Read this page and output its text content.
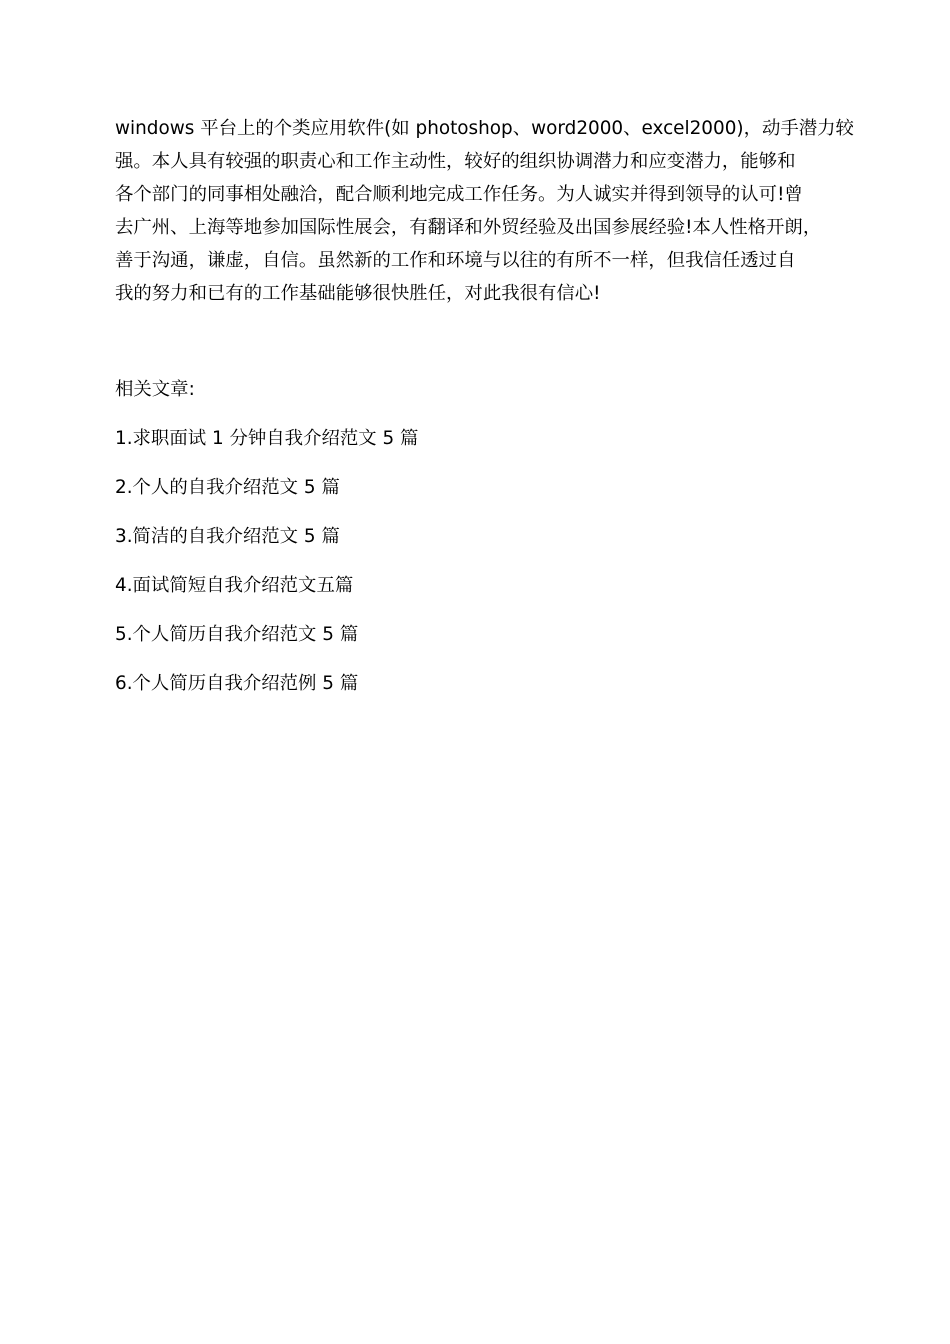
windows 平台上的个类应用软件(如 photoshop、word2000、excel2000)，动手潜力较
强。本人具有较强的职责心和工作主动性，较好的组织协调潜力和应变潜力，能够和
各个部门的同事相处融洽，配合顺利地完成工作任务。为人诚实并得到领导的认可!曾
去广州、上海等地参加国际性展会，有翻译和外贸经验及出国参展经验!本人性格开朗，
善于沟通，谦虚，自信。虽然新的工作和环境与以往的有所不一样，但我信任透过自
我的努力和已有的工作基础能够很快胜任，对此我很有信心!

相关文章:
1.求职面试 1 分钟自我介绍范文 5 篇
2.个人的自我介绍范文 5 篇
3.简洁的自我介绍范文 5 篇
4.面试简短自我介绍范文五篇
5.个人简历自我介绍范文 5 篇
6.个人简历自我介绍范例 5 篇
